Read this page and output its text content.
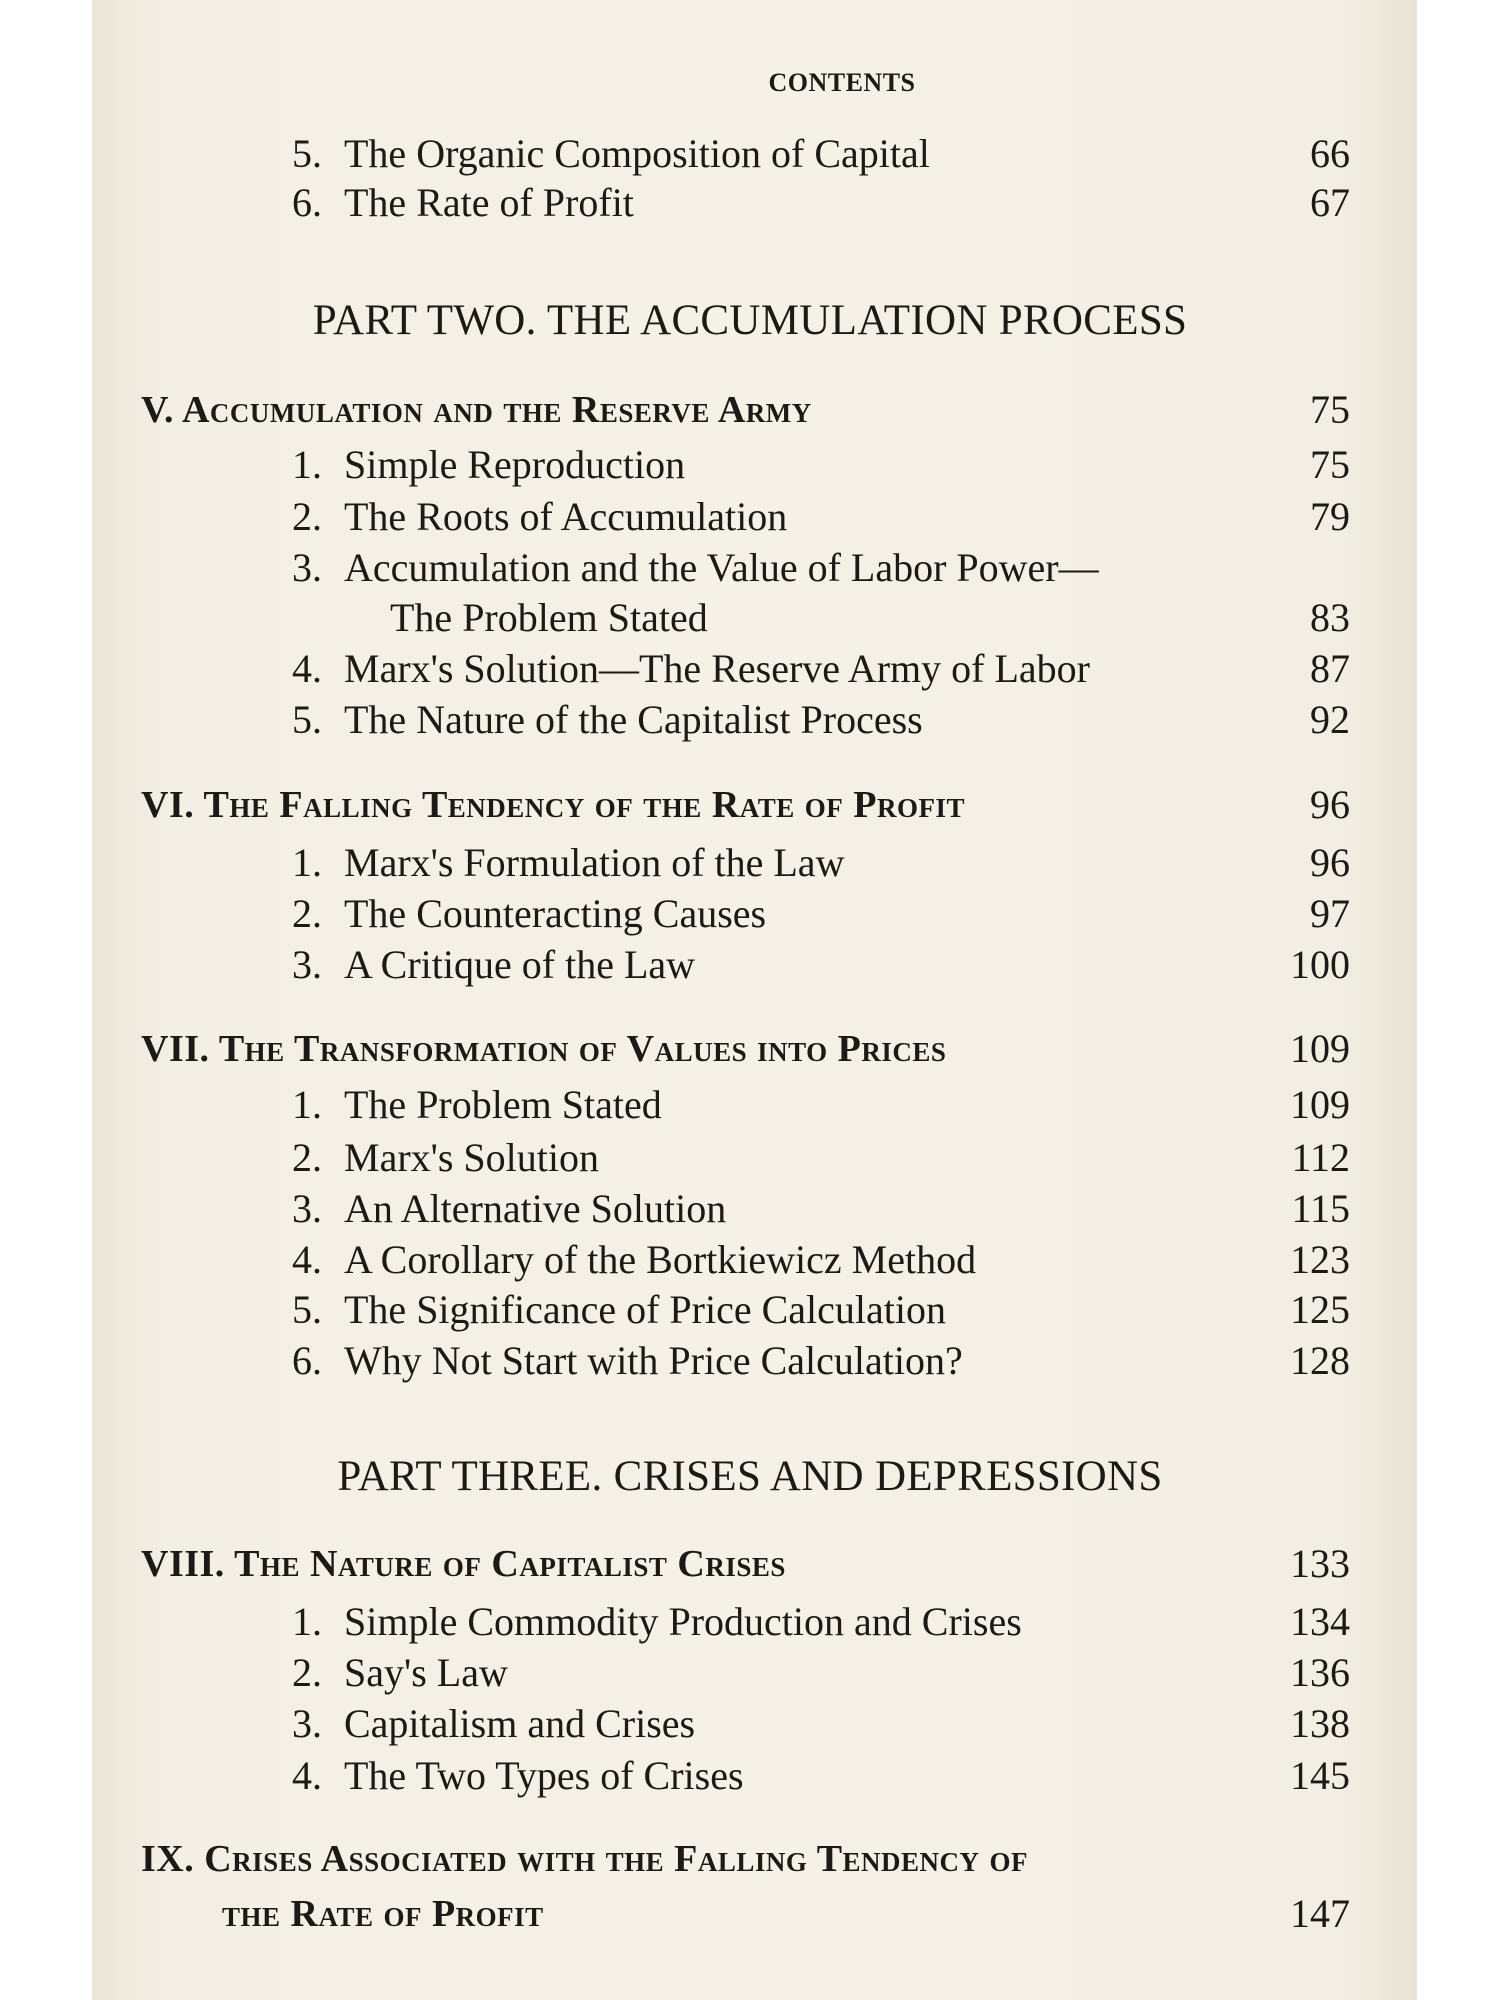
CONTENTS
5. The Organic Composition of Capital	66
6. The Rate of Profit	67
PART TWO. THE ACCUMULATION PROCESS
V. Accumulation and the Reserve Army	75
1. Simple Reproduction	75
2. The Roots of Accumulation	79
3. Accumulation and the Value of Labor Power—
The Problem Stated	83
4. Marx's Solution—The Reserve Army of Labor	87
5. The Nature of the Capitalist Process	92
VI. The Falling Tendency of the Rate of Profit	96
1. Marx's Formulation of the Law	96
2. The Counteracting Causes	97
3. A Critique of the Law	100
VII. The Transformation of Values into Prices	109
1. The Problem Stated	109
2. Marx's Solution	112
3. An Alternative Solution	115
4. A Corollary of the Bortkiewicz Method	123
5. The Significance of Price Calculation	125
6. Why Not Start with Price Calculation?	128
PART THREE. CRISES AND DEPRESSIONS
VIII. The Nature of Capitalist Crises	133
1. Simple Commodity Production and Crises	134
2. Say's Law	136
3. Capitalism and Crises	138
4. The Two Types of Crises	145
IX. Crises Associated with the Falling Tendency of
the Rate of Profit	147
